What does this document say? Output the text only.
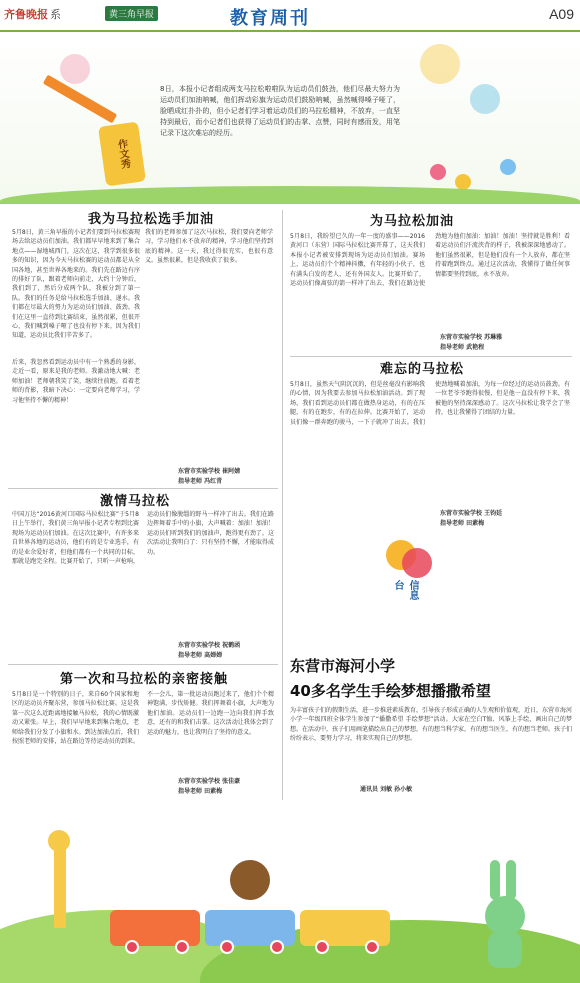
齐鲁晚报 系	黄三角早报	教育周刊	A09
作文秀
8日，本报小记者组成两支马拉松啦啦队为运动员们鼓劲，他们尽最大努力为运动员们加油呐喊，他们挥动彩旗为运动员们鼓励呐喊，虽然喊得嗓子哑了，脸晒成红扑扑的，但小记者们学习着运动员们的马拉松精神，不放弃，一直坚持到最后，而小记者们也获得了运动员们的击掌、点赞，同时有感而发，用笔记录下这次难忘的经历。
我为马拉松选手加油
5月8日，黄三角早报的小记者们要到马拉松赛现场去给运动员们加油。我们都早早地来到了集合地点——湿地城西门，这次在这，我学到很多很多的知识，因为今天马拉松赛的运动员都是从全国各地，甚至世界各地来的。我们先在路边有序的排好了队，跟着老师向前走，大约十分钟后，我们到了，然后分成两个队，我被分到了第一队。我们的任务是给马拉松选手加油、递水。我们都在尽最大的努力为运动员们加油、鼓劲。我们在这里一直待到比赛结束，虽然很累，但很开心，我们喊到嗓子哑了也没有停下来。因为我们知道，运动员比我们辛苦多了。
后来，我忽然看到运动员中有一个熟悉的身影，走近一看，原来是我的老师。我激动地大喊：老师加油！老师朝我笑了笑，继续往前跑。看着老师的背影，我暗下决心：一定要向老师学习，学习他坚持不懈的精神！
我们的老师参加了这次马拉松，我们要向老师学习，学习他们永不放弃的精神，学习他们坚持到底的精神。这一天，我过得很充实，也很有意义。虽然很累，但是我收获了很多。
东营市实验学校 崔阿婧
指导老师 冯红青
为马拉松加油
5月8日，我盼望已久的一年一度的盛事——2016黄河口（东营）国际马拉松比赛开幕了，这天我们本报小记者被安排到现场为运动员们加油。赛场上，运动员们个个精神抖擞，有年轻的小伙子，也有满头白发的老人，还有外国友人。比赛开始了，运动员们像离弦的箭一样冲了出去，我们在路边使劲地为他们加油：加油！加油！坚持就是胜利！看着运动员们汗流浃背的样子，我被深深地感动了。他们虽然很累，但是他们没有一个人放弃，都在坚持着跑到终点。通过这次活动，我懂得了做任何事情都要坚持到底，永不放弃。
东营市实验学校 苏琳雅
指导老师 武艳程
难忘的马拉松
5月8日，虽然天气阴沉沉的，但是丝毫没有影响我的心情，因为我要去参加马拉松加油活动。到了现场，我们看到运动员们都在做热身运动，有的在压腿，有的在跑步，有的在拉伸。比赛开始了，运动员们像一群奔跑的骏马，一下子就冲了出去。我们使劲地喊着加油，为每一位经过的运动员鼓劲。有一位老爷爷跑得很慢，但是他一直没有停下来，我被他的坚持深深感动了。这次马拉松让我学会了坚持，也让我懂得了团结的力量。
东营市实验学校 王钧廷
指导老师 田素梅
激情马拉松
中国万达“2016黄河口国际马拉松比赛”于5月8日上午举行，我们黄三角早报小记者专程到比赛现场为运动员们加油。在这次比赛中，有许多来自世界各地的运动员，他们有的是专业选手，有的是业余爱好者，但他们都有一个共同的目标，那就是跑完全程。比赛开始了，只听一声枪响，运动员们像脱缰的野马一样冲了出去。我们在路边挥舞着手中的小旗，大声喊着：加油！加油！运动员们听到我们的加油声，跑得更有劲了。这次活动让我明白了：只有坚持不懈，才能取得成功。
东营市实验学校 祝鹤函
指导老师 高婵婵
第一次和马拉松的亲密接触
5月8日是一个特别的日子，来自60个国家和地区的运动员齐聚东营，参加马拉松比赛。这是我第一次这么近距离地接触马拉松，我的心情既激动又紧张。早上，我们早早地来到集合地点，老师给我们分发了小旗和水。到达加油点后，我们按照老师的安排，站在路边等待运动员的到来。不一会儿，第一批运动员跑过来了，他们个个精神饱满，步伐矫健。我们挥舞着小旗，大声地为他们加油。运动员们一边跑一边向我们挥手致意，还有的和我们击掌。这次活动让我体会到了运动的魅力，也让我明白了坚持的意义。
东营市实验学校 张佳豪
指导老师 田素梅
信息台
东营市海河小学
40多名学生手绘梦想播撒希望
为丰富孩子们的假期生活，进一步推进素质教育，引导孩子形成正确的人生观和价值观，近日，东营市海河小学一年级四班全体学生参加了“播撒希望 手绘梦想”活动。大家在空白T恤、风筝上手绘，画出自己的梦想。在活动中，孩子们用画笔描绘出自己的梦想，有的想当科学家，有的想当医生，有的想当老师。孩子们纷纷表示，要努力学习，将来实现自己的梦想。
通讯员 刘敏 孙小敏
